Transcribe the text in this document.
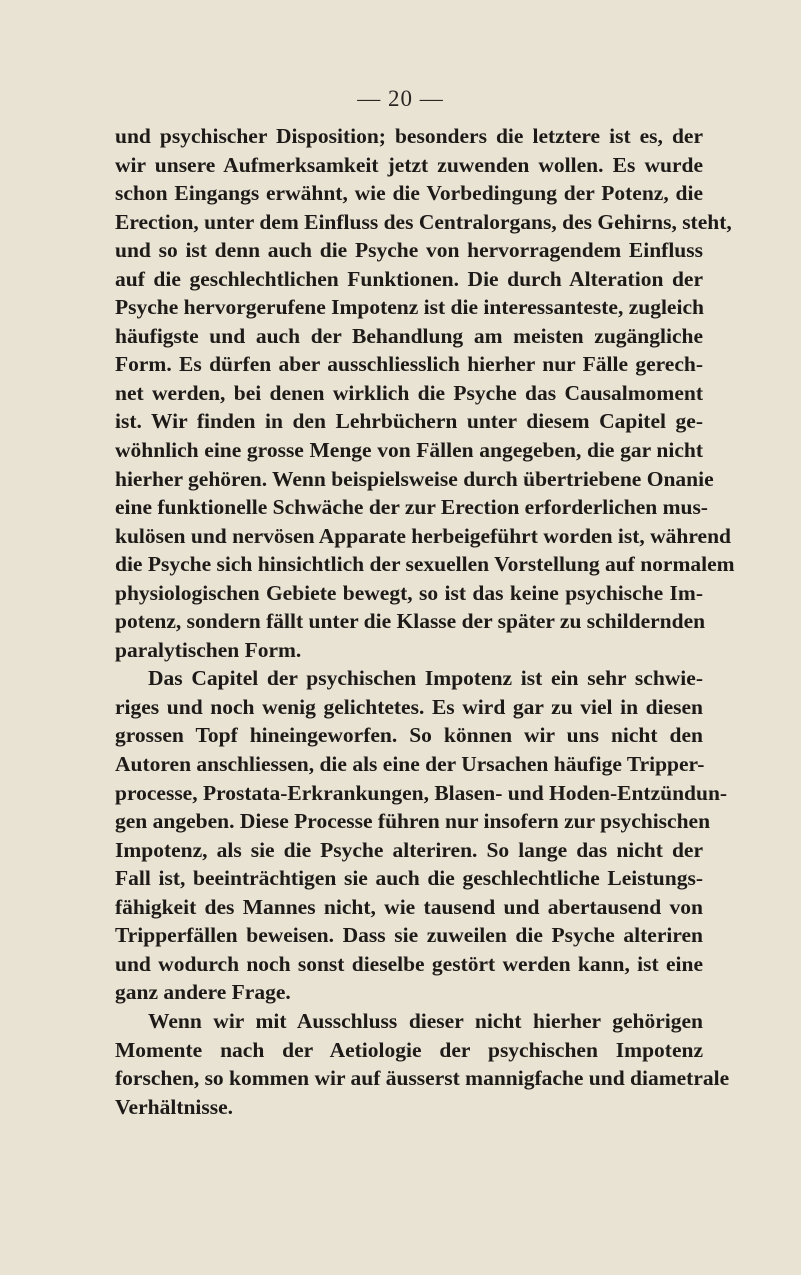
— 20 —
und psychischer Disposition; besonders die letztere ist es, der
wir unsere Aufmerksamkeit jetzt zuwenden wollen. Es wurde
schon Eingangs erwähnt, wie die Vorbedingung der Potenz, die
Erection, unter dem Einfluss des Centralorgans, des Gehirns, steht,
und so ist denn auch die Psyche von hervorragendem Einfluss
auf die geschlechtlichen Funktionen. Die durch Alteration der
Psyche hervorgerufene Impotenz ist die interessanteste, zugleich
häufigste und auch der Behandlung am meisten zugängliche
Form. Es dürfen aber ausschliesslich hierher nur Fälle gerech-
net werden, bei denen wirklich die Psyche das Causalmoment
ist. Wir finden in den Lehrbüchern unter diesem Capitel ge-
wöhnlich eine grosse Menge von Fällen angegeben, die gar nicht
hierher gehören. Wenn beispielsweise durch übertriebene Onanie
eine funktionelle Schwäche der zur Erection erforderlichen mus-
kulösen und nervösen Apparate herbeigeführt worden ist, während
die Psyche sich hinsichtlich der sexuellen Vorstellung auf normalem
physiologischen Gebiete bewegt, so ist das keine psychische Im-
potenz, sondern fällt unter die Klasse der später zu schildernden
paralytischen Form.
Das Capitel der psychischen Impotenz ist ein sehr schwie-
riges und noch wenig gelichtetes. Es wird gar zu viel in diesen
grossen Topf hineingeworfen. So können wir uns nicht den
Autoren anschliessen, die als eine der Ursachen häufige Tripper-
processe, Prostata-Erkrankungen, Blasen- und Hoden-Entzündun-
gen angeben. Diese Processe führen nur insofern zur psychischen
Impotenz, als sie die Psyche alteriren. So lange das nicht der
Fall ist, beeinträchtigen sie auch die geschlechtliche Leistungs-
fähigkeit des Mannes nicht, wie tausend und abertausend von
Tripperfällen beweisen. Dass sie zuweilen die Psyche alteriren
und wodurch noch sonst dieselbe gestört werden kann, ist eine
ganz andere Frage.
Wenn wir mit Ausschluss dieser nicht hierher gehörigen
Momente nach der Aetiologie der psychischen Impotenz
forschen, so kommen wir auf äusserst mannigfache und diametrale
Verhältnisse.
